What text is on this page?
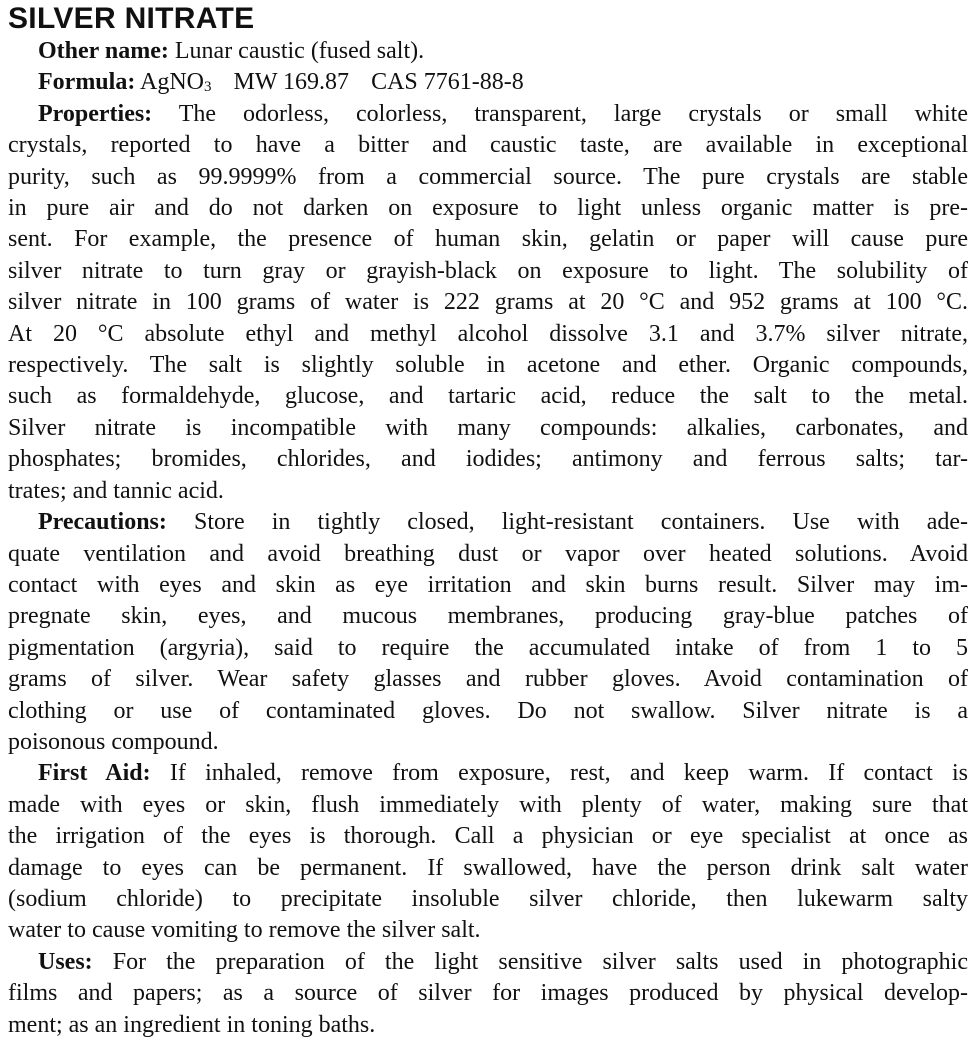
SILVER NITRATE
Other name: Lunar caustic (fused salt).
Formula: AgNO$_3$ MW 169.87 CAS 7761-88-8
Properties: The odorless, colorless, transparent, large crystals or small white
crystals, reported to have a bitter and caustic taste, are available in exceptional
purity, such as 99.9999% from a commercial source. The pure crystals are stable
in pure air and do not darken on exposure to light unless organic matter is pre-
sent. For example, the presence of human skin, gelatin or paper will cause pure
silver nitrate to turn gray or grayish-black on exposure to light. The solubility of
silver nitrate in 100 grams of water is 222 grams at 20 °C and 952 grams at 100 °C.
At 20 °C absolute ethyl and methyl alcohol dissolve 3.1 and 3.7% silver nitrate,
respectively. The salt is slightly soluble in acetone and ether. Organic compounds,
such as formaldehyde, glucose, and tartaric acid, reduce the salt to the metal.
Silver nitrate is incompatible with many compounds: alkalies, carbonates, and
phosphates; bromides, chlorides, and iodides; antimony and ferrous salts; tar-
trates; and tannic acid.
Precautions: Store in tightly closed, light-resistant containers. Use with ade-
quate ventilation and avoid breathing dust or vapor over heated solutions. Avoid
contact with eyes and skin as eye irritation and skin burns result. Silver may im-
pregnate skin, eyes, and mucous membranes, producing gray-blue patches of
pigmentation (argyria), said to require the accumulated intake of from 1 to 5
grams of silver. Wear safety glasses and rubber gloves. Avoid contamination of
clothing or use of contaminated gloves. Do not swallow. Silver nitrate is a
poisonous compound.
First Aid: If inhaled, remove from exposure, rest, and keep warm. If contact is
made with eyes or skin, flush immediately with plenty of water, making sure that
the irrigation of the eyes is thorough. Call a physician or eye specialist at once as
damage to eyes can be permanent. If swallowed, have the person drink salt water
(sodium chloride) to precipitate insoluble silver chloride, then lukewarm salty
water to cause vomiting to remove the silver salt.
Uses: For the preparation of the light sensitive silver salts used in photographic
films and papers; as a source of silver for images produced by physical develop-
ment; as an ingredient in toning baths.
